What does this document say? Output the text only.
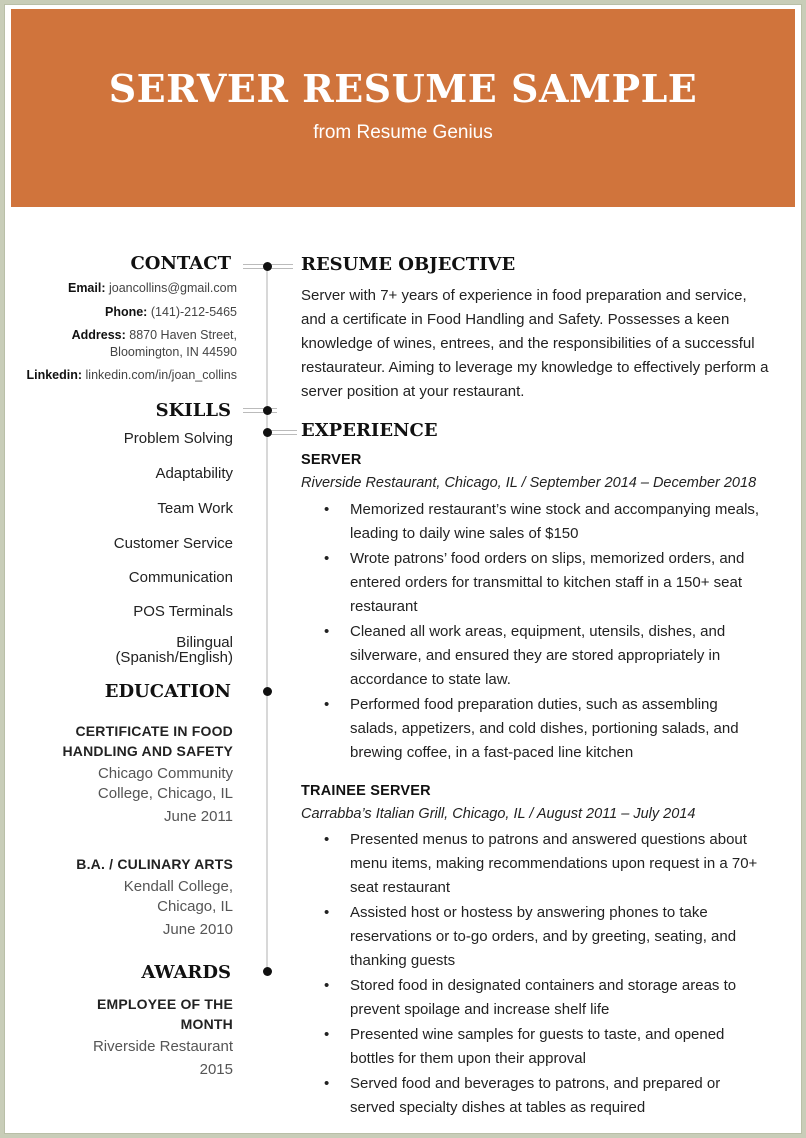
SERVER RESUME SAMPLE
from Resume Genius
CONTACT
Email: joancollins@gmail.com
Phone: (141)-212-5465
Address: 8870 Haven Street,
Bloomington, IN 44590
Linkedin: linkedin.com/in/joan_collins
SKILLS
Problem Solving
Adaptability
Team Work
Customer Service
Communication
POS Terminals
Bilingual
(Spanish/English)
EDUCATION
CERTIFICATE IN FOOD
HANDLING AND SAFETY
Chicago Community
College, Chicago, IL
June 2011
B.A. / CULINARY ARTS
Kendall College,
Chicago, IL
June 2010
AWARDS
EMPLOYEE OF THE
MONTH
Riverside Restaurant
2015
RESUME OBJECTIVE
Server with 7+ years of experience in food preparation and service, and a certificate in Food Handling and Safety. Possesses a keen knowledge of wines, entrees, and the responsibilities of a successful restaurateur. Aiming to leverage my knowledge to effectively perform a server position at your restaurant.
EXPERIENCE
SERVER
Riverside Restaurant, Chicago, IL / September 2014 – December 2018
• Memorized restaurant’s wine stock and accompanying meals, leading to daily wine sales of $150
• Wrote patrons’ food orders on slips, memorized orders, and entered orders for transmittal to kitchen staff in a 150+ seat restaurant
• Cleaned all work areas, equipment, utensils, dishes, and silverware, and ensured they are stored appropriately in accordance to state law.
• Performed food preparation duties, such as assembling salads, appetizers, and cold dishes, portioning salads, and brewing coffee, in a fast-paced line kitchen
TRAINEE SERVER
Carrabba’s Italian Grill, Chicago, IL / August 2011 – July 2014
• Presented menus to patrons and answered questions about menu items, making recommendations upon request in a 70+ seat restaurant
• Assisted host or hostess by answering phones to take reservations or to-go orders, and by greeting, seating, and thanking guests
• Stored food in designated containers and storage areas to prevent spoilage and increase shelf life
• Presented wine samples for guests to taste, and opened bottles for them upon their approval
• Served food and beverages to patrons, and prepared or served specialty dishes at tables as required
